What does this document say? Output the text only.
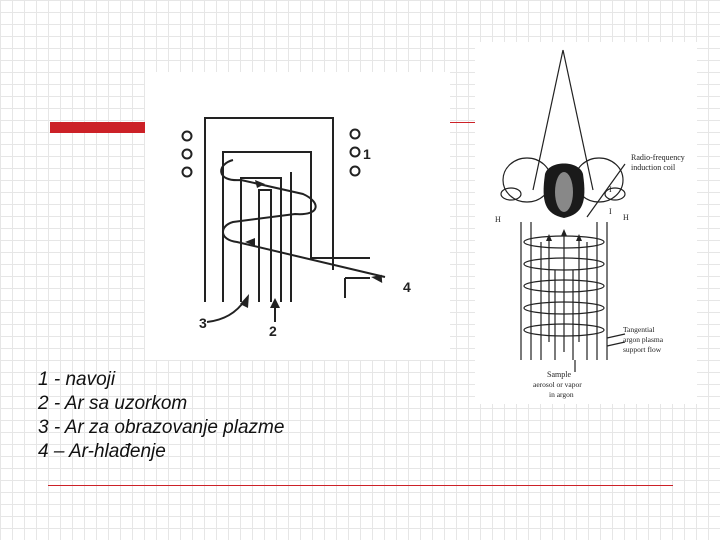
1
2
3
4
Radio-frequency
induction coil
I
I
H	H
Tangential
argon plasma
support flow
Sample
aerosol or vapor
in argon
1 - navoji
2 - Ar sa uzorkom
3 - Ar za obrazovanje plazme
4 – Ar-hlađenje
